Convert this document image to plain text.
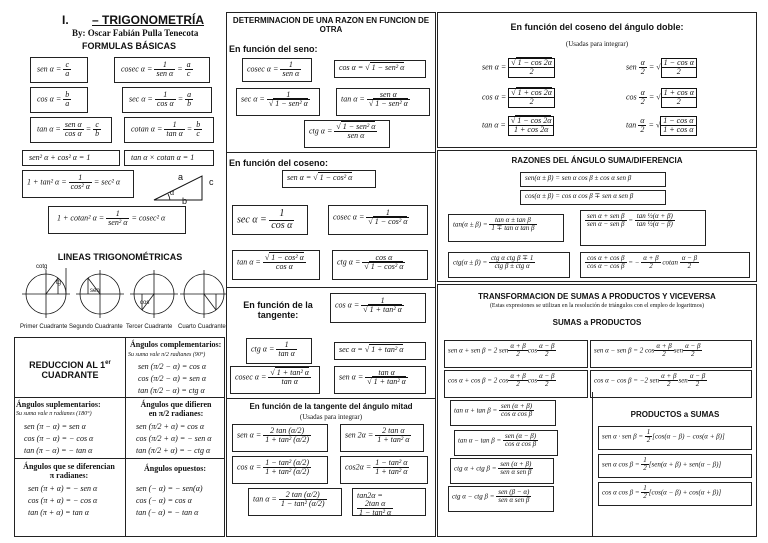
I. – TRIGONOMETRÍA
By: Oscar Fabián Pulla Tenecota
FORMULAS BÁSICAS
sen $\alpha = \frac{c}{a}$	cosec $\alpha = \frac{1}{\text{sen α}} = \frac{a}{c}$
$\cos \alpha = \frac{b}{a}$	$\sec \alpha = \frac{1}{\text{cos α}} = \frac{a}{b}$
$\tan \alpha = \frac{\text{sen α}}{\text{cos α}} = \frac{c}{b}$	cotan $\alpha = \frac{1}{\text{tan α}} = \frac{b}{c}$
sen² α + cos² α = 1	tan α × cotan α = 1
1 + tan² $\alpha = \frac{1}{\text{cos² α}} = \sec^2$ α
1 + cotan² $\alpha = \frac{1}{\text{sen² α}} = cosec^2$ α
a	c
b
α
LINEAS TRIGONOMÉTRICAS
cotg
tg
sen
cos
Primer Cuadrante Segundo Cuadrante Tercer Cuadrante Cuarto Cuadrante
REDUCCION AL 1er
CUADRANTE
Ángulos complementarios:
Su suma vale π/2 radianes (90°)
sen (π/2 − α) = cos α
cos (π/2 − α) = sen α
tan (π/2 − α) = ctg α
Ángulos suplementarios:
Su suma vale π radianes (180°)
sen (π − α) = sen α
cos (π − α) = − cos α
tan (π − α) = − tan α
Ángulos que difieren
en π/2 radianes:
sen (π/2 + α) = cos α
cos (π/2 + α) = − sen α
tan (π/2 + α) = − ctg α
Ángulos que se diferencian
π radianes:
sen (π + α) = − sen α
cos (π + α) = − cos α
tan (π + α) = tan α
Ángulos opuestos:
sen (− α) = − sen(α)
cos (− α) = cos α
tan (− α) = − tan α
DETERMINACION DE UNA RAZON EN FUNCION DE OTRA
En función del seno:
cosec $\alpha = \frac{1}{\text{sen α}}$	cos α = √ 1 − sen² α
$\sec \alpha = \frac{1}{\text{√ 1 − sen² α}}$	$\tan \alpha = \frac{\text{sen α}}{\text{√ 1 − sen² α}}$
ctg $\alpha = \frac{\text{√ 1 − sen² α}}{\text{sen α}}$
En función del coseno:
sen α = √ 1 − cos² α
$\sec \alpha = \frac{1}{\text{cos α}}$	cosec $\alpha = \frac{1}{\text{√ 1 − cos² α}}$
$\tan \alpha = \frac{\text{√ 1 − cos² α}}{\text{cos α}}$	ctg $\alpha = \frac{\text{cos α}}{\text{√ 1 − cos² α}}$
En función de la tangente:
$\cos \alpha = \frac{1}{\text{√ 1 + tan² α}}$
ctg $\alpha = \frac{1}{\text{tan α}}$	sec α = √ 1 + tan² α
cosec $\alpha = \frac{\text{√ 1 + tan² α}}{\text{tan α}}$	sen $\alpha = \frac{\text{tan α}}{\text{√ 1 + tan² α}}$
En función de la tangente del ángulo mitad
(Usadas para integrar)
sen $\alpha = \frac{2 \tan (\alpha/2)}{\text{1 + tan² (α/2)}}$	sen $2\alpha = \frac{\text{2 tan α}}{\text{1 + tan² α}}$
$\cos \alpha = \frac{\text{1 − tan² (α/2)}}{\text{1 + tan² (α/2)}}$	$\cos 2\alpha = \frac{\text{1 − tan² α}}{\text{1 + tan² α}}$
$\tan \alpha = \frac{2 \tan (\alpha/2)}{\text{1 − tan² (α/2)}}$	tan2α =
$\frac{\text{2tan α}}{\text{1 − tan² α}}$
En función del coseno del ángulo doble:
(Usadas para integrar)
sen $\alpha = \frac{√ 1 - \cos 2\alpha}{2}$	sen $\frac{\alpha}{2}$ = √ $\frac{\text{1 − cos α}}{2}$
$\cos \alpha = \frac{√ 1 + \cos 2\alpha}{2}$	$\cos \frac{\alpha}{2}$ = √ $\frac{\text{1 + cos α}}{2}$
$\tan \alpha = \frac{√ 1 - \cos 2\alpha}{1 + \cos 2\alpha}$	$\tan \frac{\alpha}{2}$ = √ $\frac{\text{1 − cos α}}{\text{1 + cos α}}$
RAZONES DEL ÁNGULO SUMA/DIFERENCIA
sen(α ± β) = sen α cos β ± cos α sen β
cos(α ± β) = cos α cos β ∓ sen α sen β
$\tan(\alpha \pm \beta) = \frac{\text{tan α ± tan β}}{\text{1 ∓ tan α tan β}}$	$\frac{\text{sen α + sen β}}{\text{sen α − sen β}} = \frac{\text{tan ½(α + β)}}{\text{tan ½(α − β)}}$
$ctg(\alpha \pm \beta) = \frac{\text{ctg α ctg β ∓ 1}}{\text{ctg β ± ctg α}}$	$\frac{\text{cos α + cos β}}{\text{cos α − cos β}}$ = − $\frac{\alpha + \beta}{2}$ cotan $\frac{\alpha - \beta}{2}$
TRANSFORMACION DE SUMAS A PRODUCTOS Y VICEVERSA
(Estas expresiones se utilizan en la resolución de triángulos con el empleo de logaritmos)
SUMAS a PRODUCTOS
sen α + sen β = 2 sen $\frac{\alpha + \beta}{2}$ $\cos \frac{\alpha - \beta}{2}$	sen α − sen β = 2 $\cos \frac{\alpha + \beta}{2}$ sen $\frac{\alpha - \beta}{2}$
cos α + cos β = 2 $\cos \frac{\alpha + \beta}{2}$ $\cos \frac{\alpha - \beta}{2}$	cos α − cos β = −2 sen $\frac{\alpha + \beta}{2}$ sen $\frac{\alpha - \beta}{2}$
$\tan \alpha + \tan \beta = \frac{\text{sen (α + β)}}{\text{cos α cos β}}$
$\tan \alpha - \tan \beta = \frac{\text{sen (α − β)}}{\text{cos α cos β}}$
ctg α + ctg $\beta = \frac{\text{sen (α + β)}}{\text{sen α sen β}}$
ctg α − ctg $\beta = \frac{\text{sen (β − α)}}{\text{sen α sen β}}$
PRODUCTOS a SUMAS
sen α · sen $\beta = \frac{1}{2} [\cos(\alpha - \beta) - \cos(\alpha + \beta)]$
sen α $\cos \beta = \frac{1}{2} [sen(\alpha + \beta) + sen(\alpha - \beta)]$
cos α $\cos \beta = \frac{1}{2} [\cos(\alpha - \beta) + \cos(\alpha + \beta)]$
